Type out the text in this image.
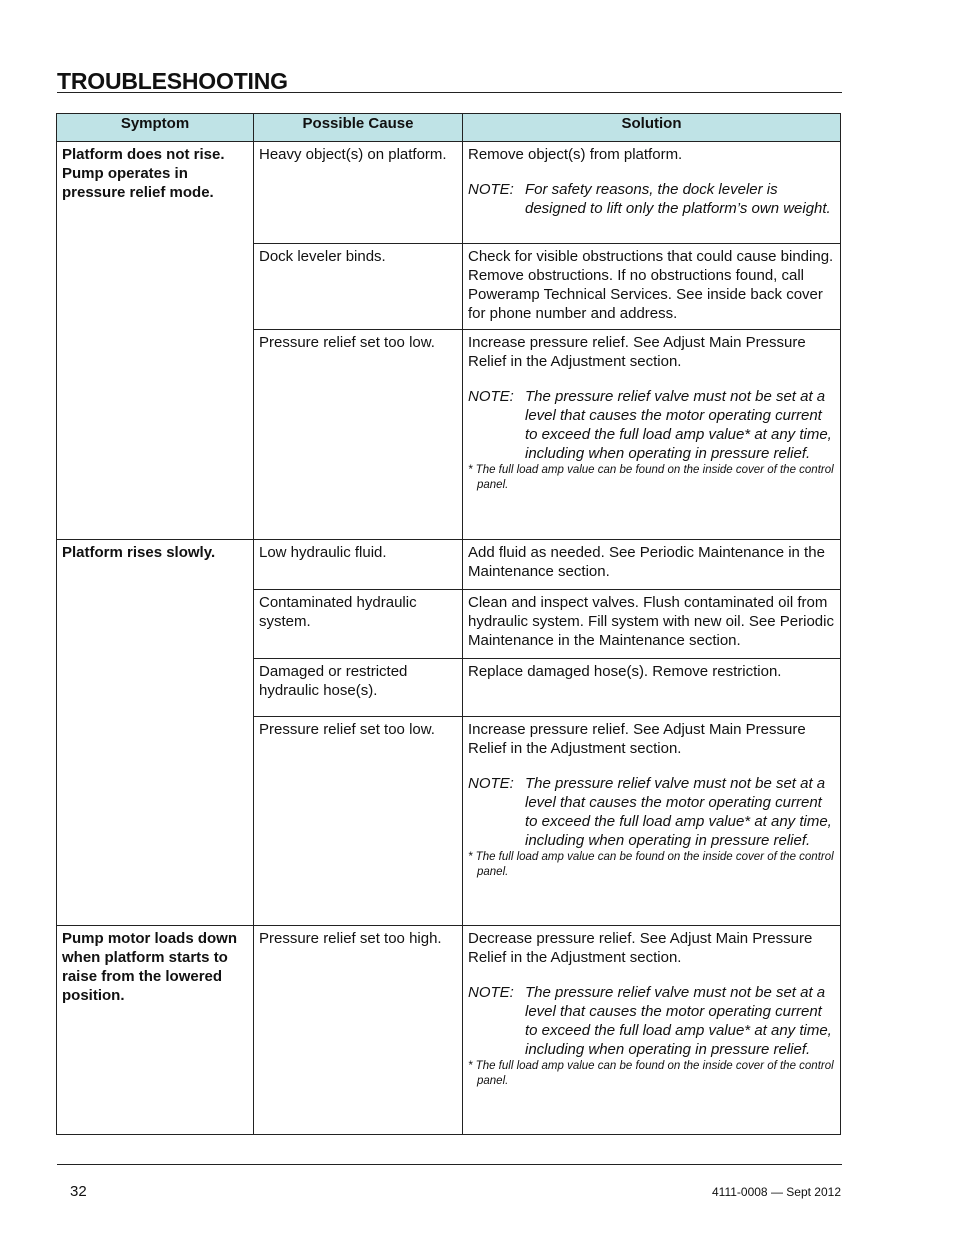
TROUBLESHOOTING
Symptom	Possible Cause	Solution
Platform does not rise. Pump operates in pressure relief mode.	Heavy object(s) on platform.	Remove object(s) from platform.
NOTE: For safety reasons, the dock leveler is designed to lift only the platform’s own weight.

	Dock leveler binds.	Check for visible obstructions that could cause binding. Remove obstructions. If no obstructions found, call Poweramp Technical Services. See inside back cover for phone number and address.

	Pressure relief set too low.	Increase pressure relief. See Adjust Main Pressure Relief in the Adjustment section.
NOTE: The pressure relief valve must not be set at a level that causes the motor operating current to exceed the full load amp value* at any time, including when operating in pressure relief.
* The full load amp value can be found on the inside cover of the control panel.

Platform rises slowly.	Low hydraulic fluid.	Add fluid as needed. See Periodic Maintenance in the Maintenance section.

	Contaminated hydraulic system.	Clean and inspect valves. Flush contaminated oil from hydraulic system. Fill system with new oil. See Periodic Maintenance in the Maintenance section.

	Damaged or restricted hydraulic hose(s).	Replace damaged hose(s). Remove restriction.

	Pressure relief set too low.	Increase pressure relief. See Adjust Main Pressure Relief in the Adjustment section.
NOTE: The pressure relief valve must not be set at a level that causes the motor operating current to exceed the full load amp value* at any time, including when operating in pressure relief.
* The full load amp value can be found on the inside cover of the control panel.

Pump motor loads down when platform starts to raise from the lowered position.	Pressure relief set too high.	Decrease pressure relief. See Adjust Main Pressure Relief in the Adjustment section.
NOTE: The pressure relief valve must not be set at a level that causes the motor operating current to exceed the full load amp value* at any time, including when operating in pressure relief.
* The full load amp value can be found on the inside cover of the control panel.
32	4111-0008 — Sept 2012
